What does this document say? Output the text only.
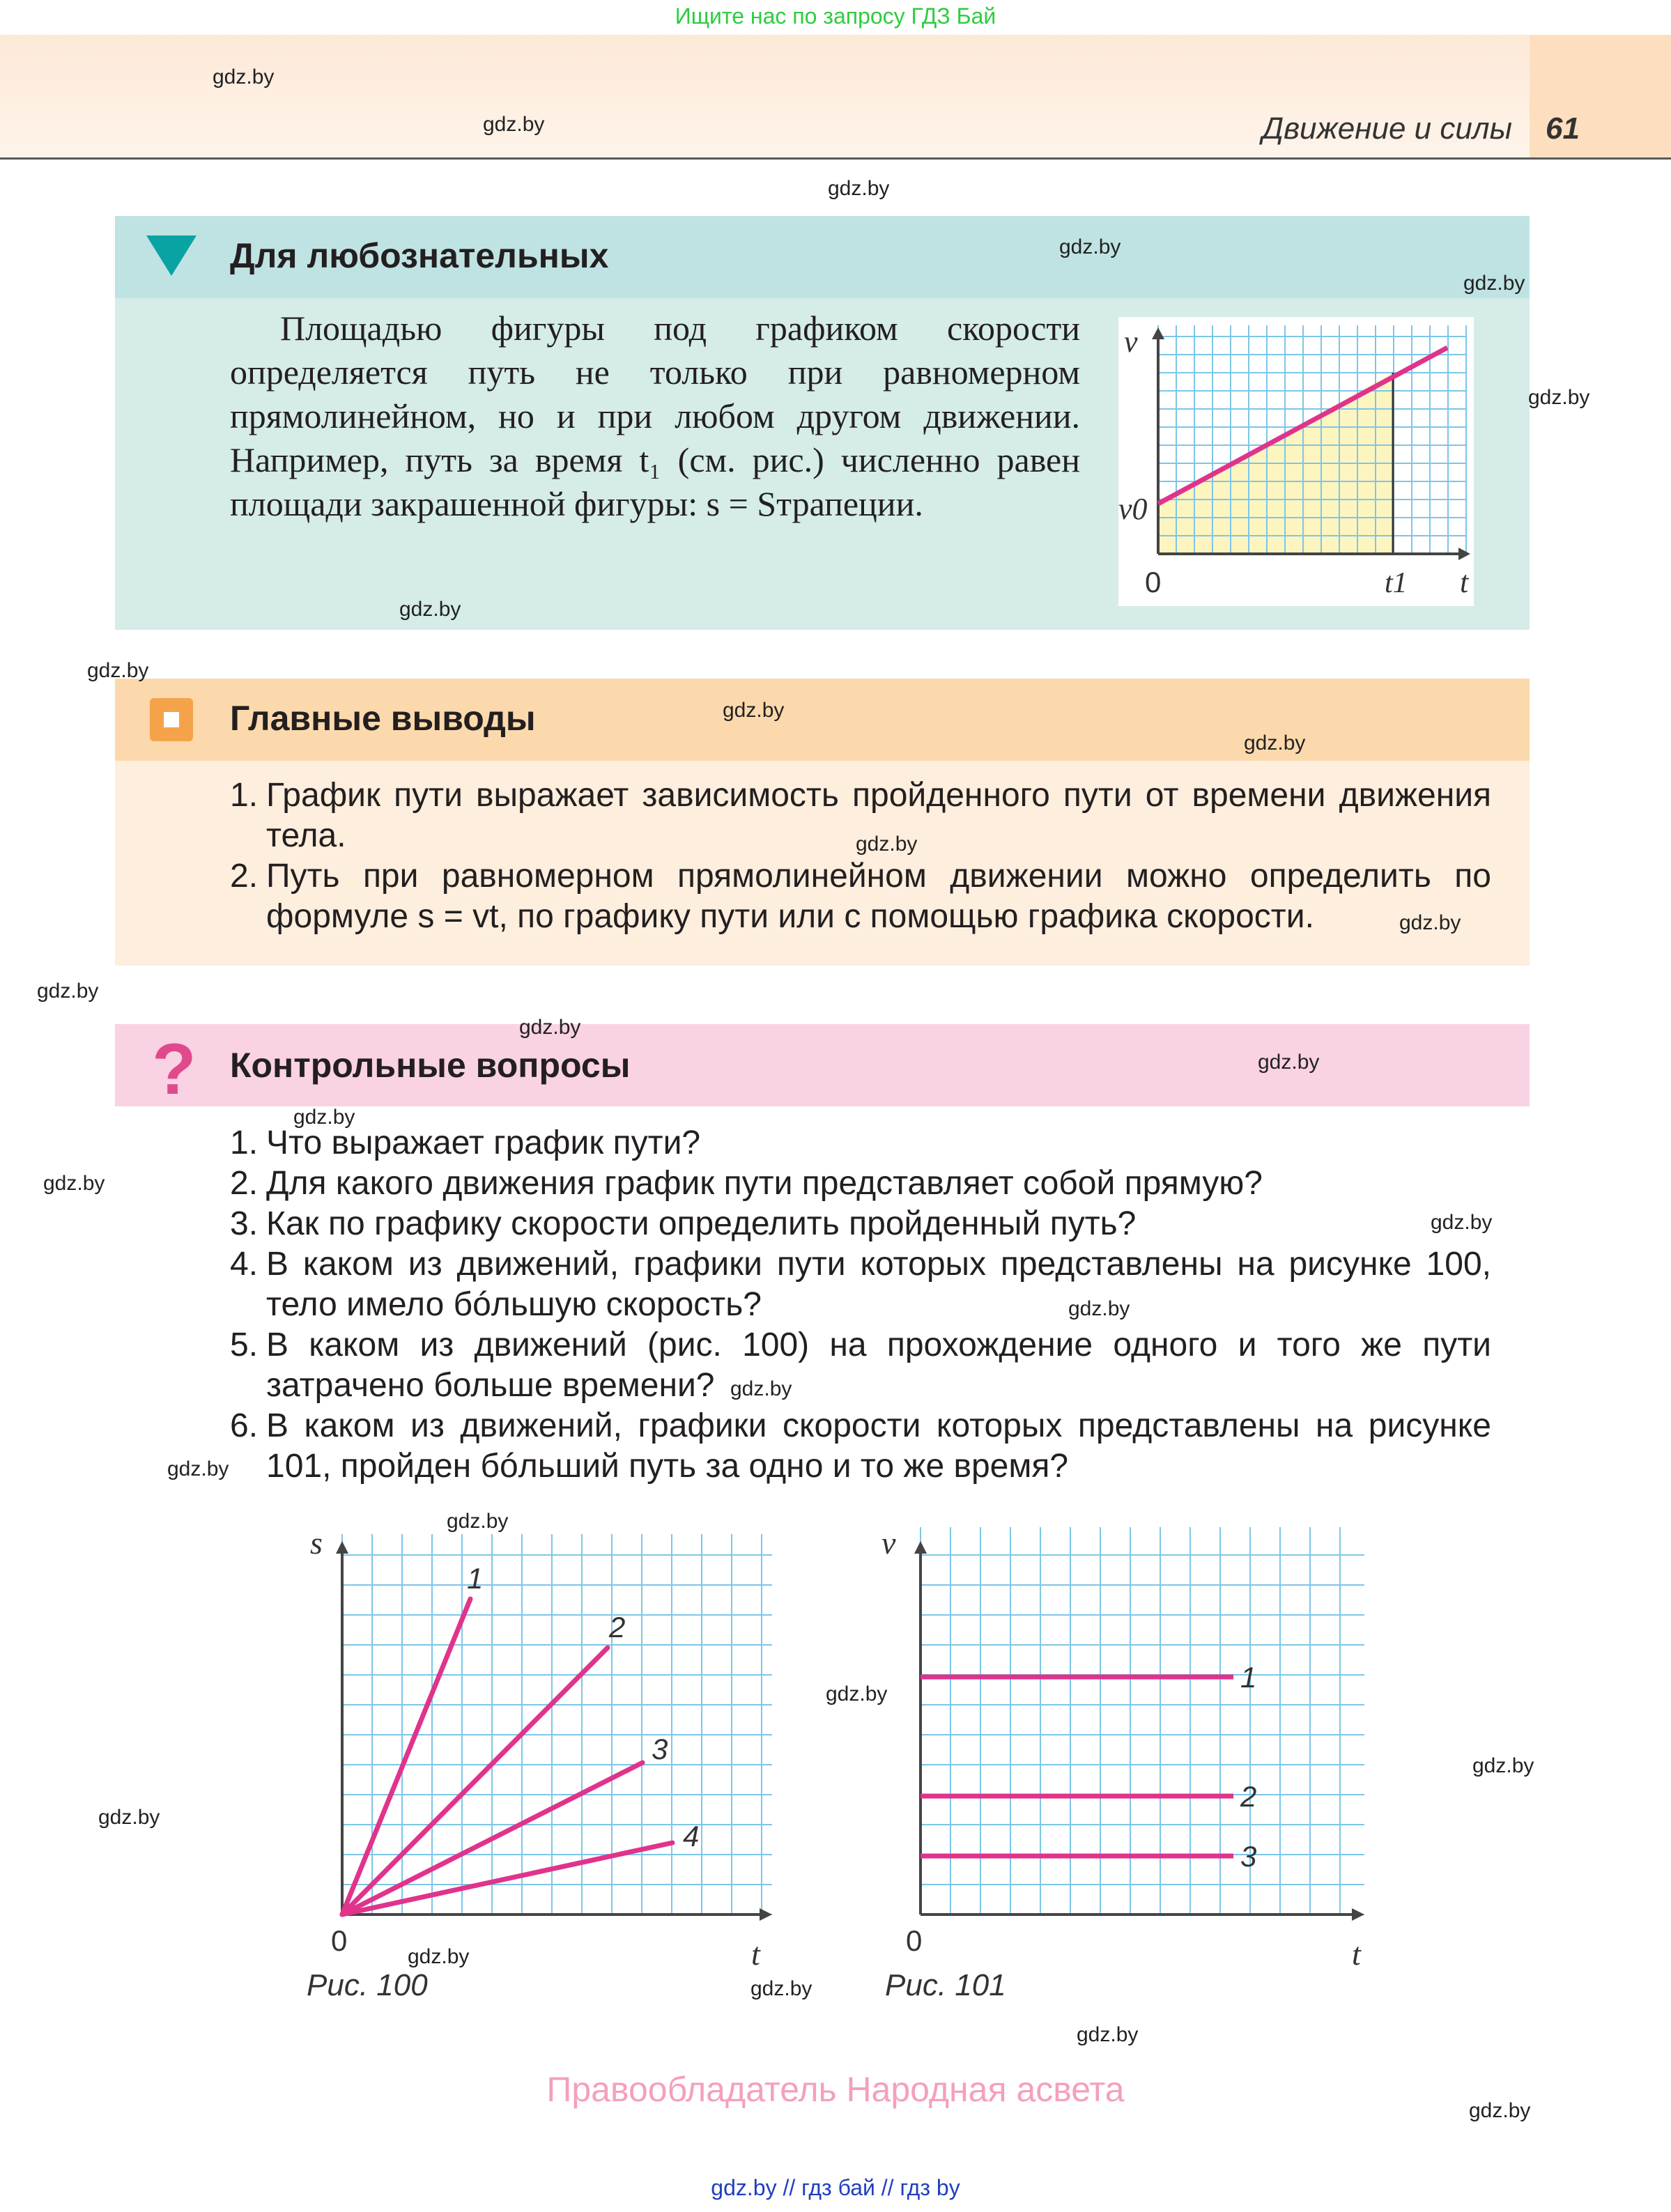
Ищите нас по запросу ГДЗ Бай
Движение и силы 61
Для любознательных

Площадью фигуры под графиком скорости определяется путь не только при равномерном прямолинейном, но и при любом другом движении. Например, путь за время t₁ (см. рис.) численно равен площади закрашенной фигуры: s = Sтрапеции.

v
v0
0	t1 t
Главные выводы
1. График пути выражает зависимость пройденного пути от времени движения тела.
2. Путь при равномерном прямолинейном движении можно определить по формуле s = vt, по графику пути или с помощью графика скорости.
? Контрольные вопросы
1. Что выражает график пути?
2. Для какого движения график пути представляет собой прямую?
3. Как по графику скорости определить пройденный путь?
4. В каком из движений, графики пути которых представлены на рисунке 100, тело имело бóльшую скорость?
5. В каком из движений (рис. 100) на прохождение одного и того же пути затрачено больше времени?
6. В каком из движений, графики скорости которых представлены на рисунке 101, пройден бóльший путь за одно и то же время?
s
0	t
1
2
3
4
Рис. 100
v
0	t
1
2
3
Рис. 101
Правообладатель Народная асвета
gdz.by // гдз бай // гдз by
gdz.by
gdz.by
gdz.by
gdz.by
gdz.by
gdz.by
gdz.by
gdz.by
gdz.by
gdz.by
gdz.by
gdz.by
gdz.by
gdz.by
gdz.by
gdz.by
gdz.by
gdz.by
gdz.by
gdz.by
gdz.by
gdz.by
gdz.by
gdz.by
gdz.by
gdz.by
gdz.by
gdz.by
gdz.by
